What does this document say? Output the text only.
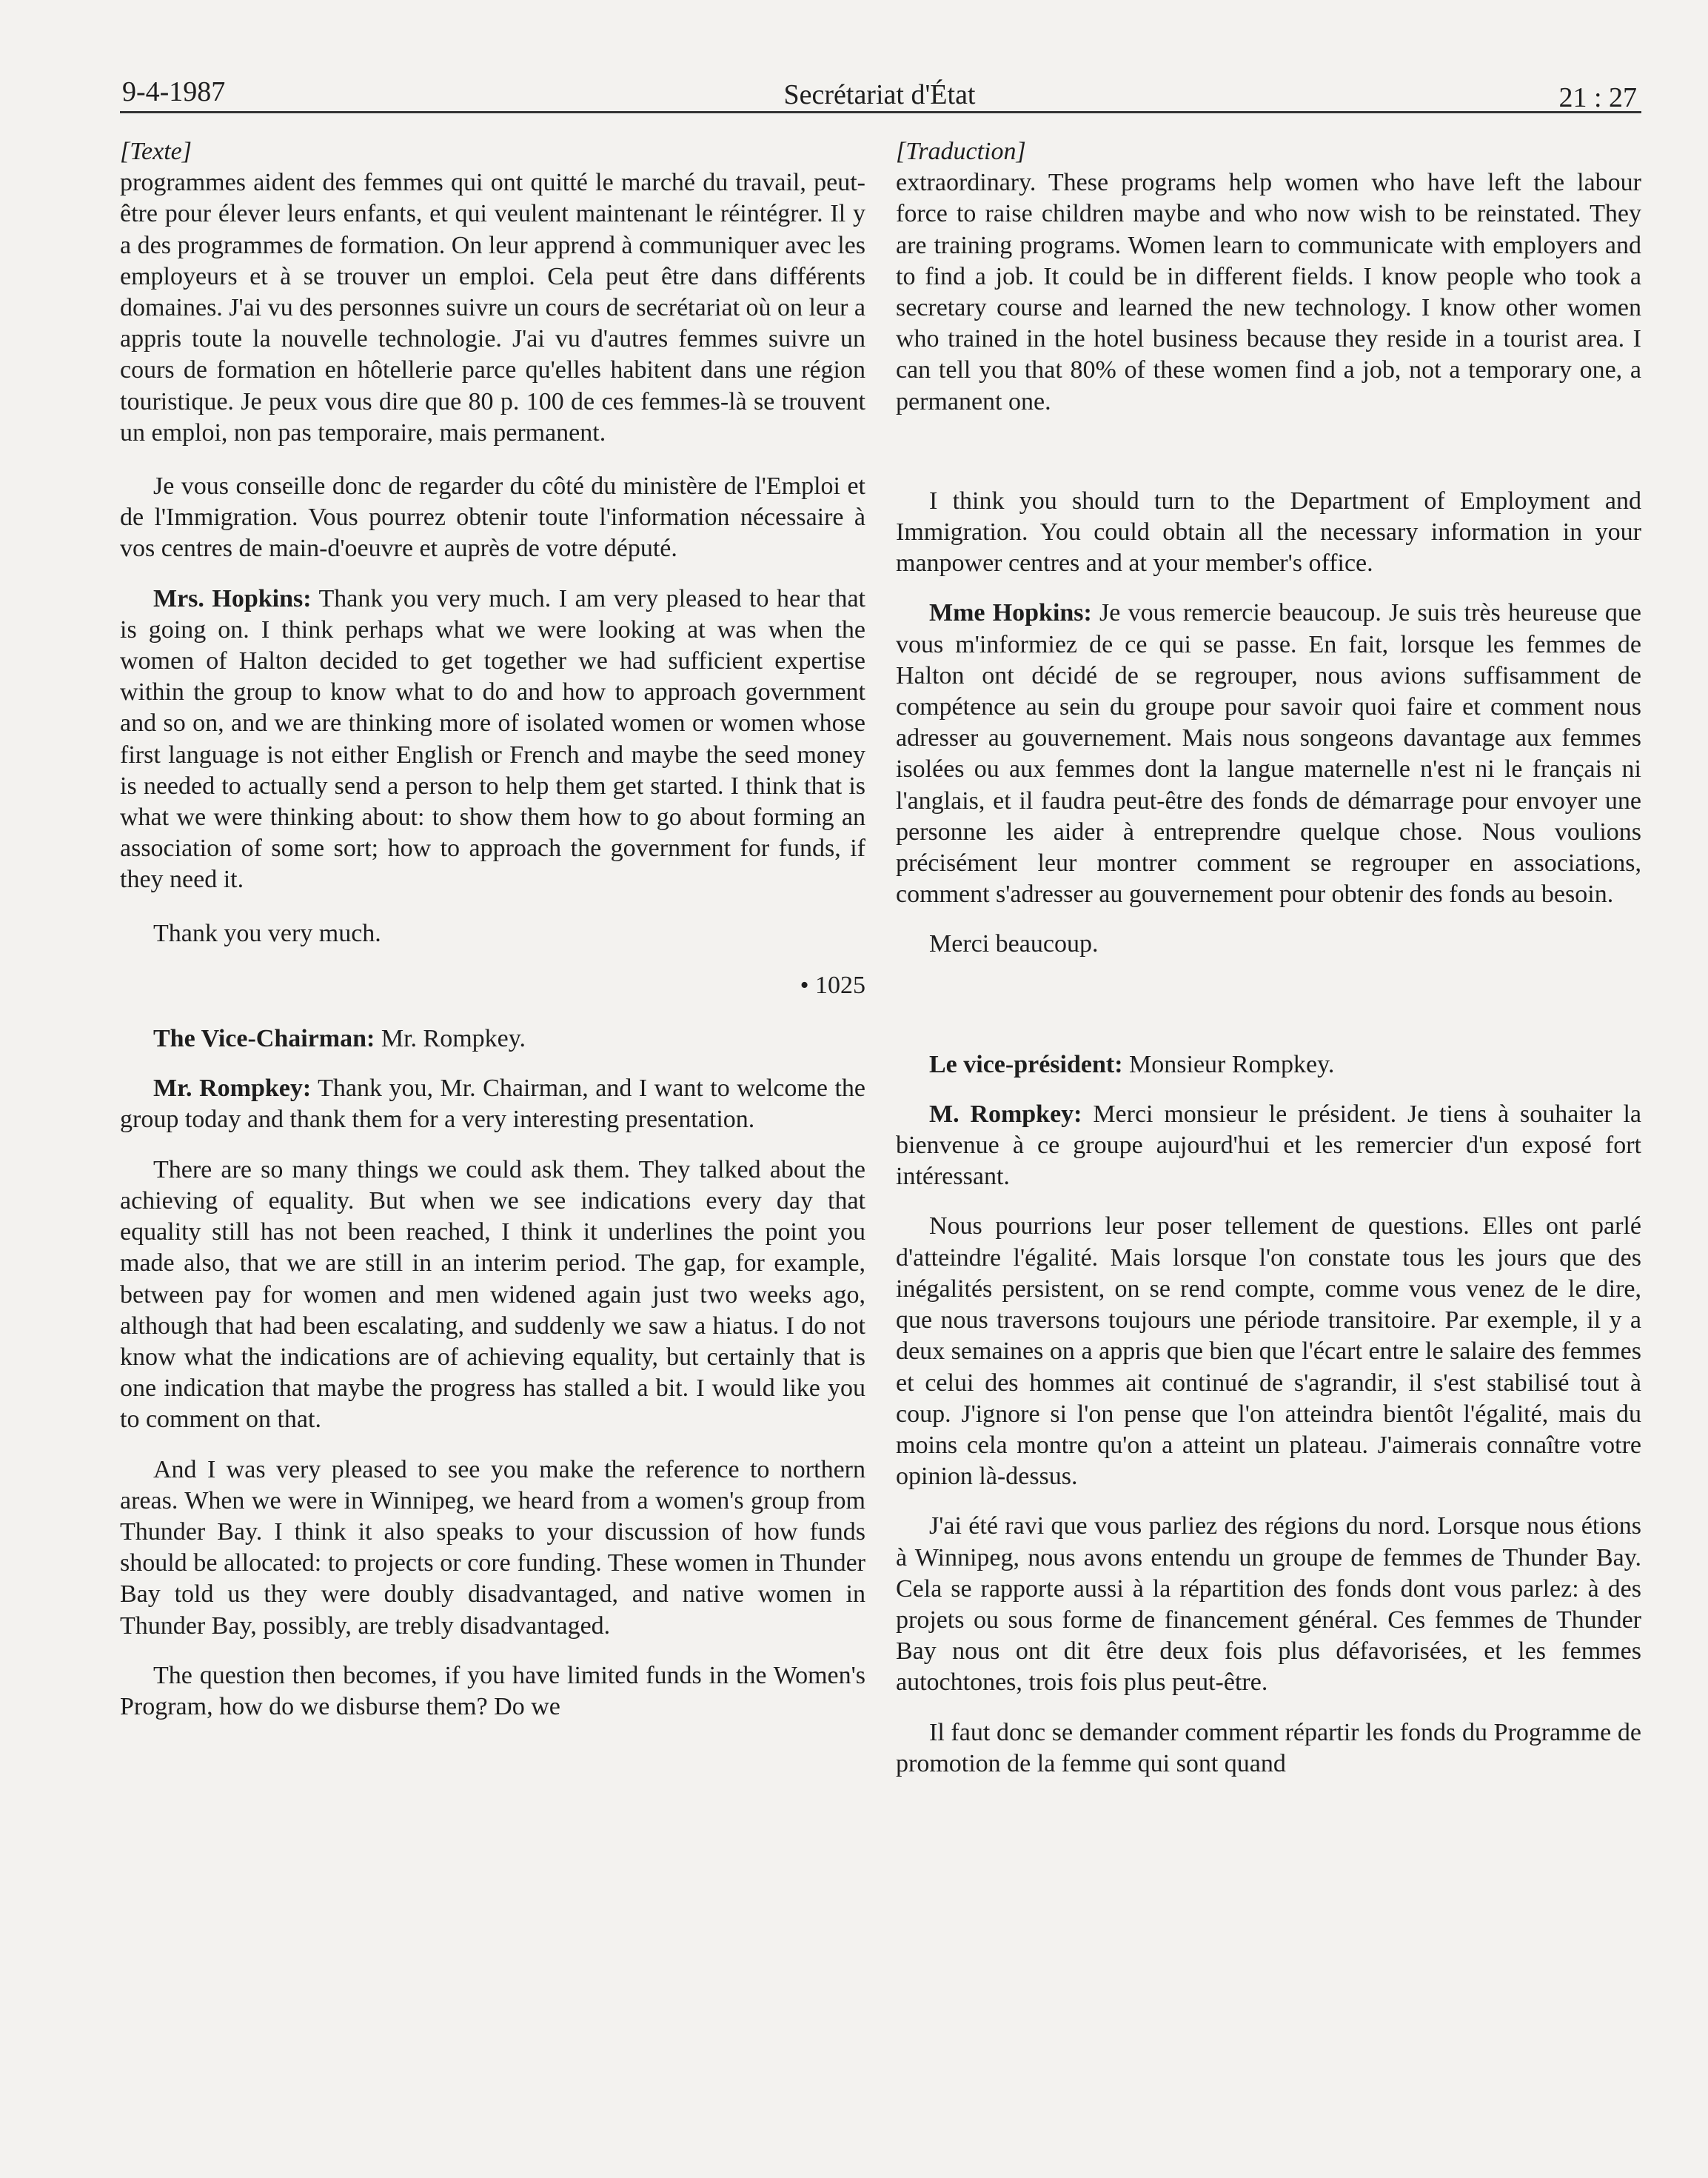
9-4-1987	Secrétariat d'État	21 : 27

[Texte]

programmes aident des femmes qui ont quitté le marché du travail, peut-être pour élever leurs enfants, et qui veulent maintenant le réintégrer. Il y a des programmes de formation. On leur apprend à communiquer avec les employeurs et à se trouver un emploi. Cela peut être dans différents domaines. J'ai vu des personnes suivre un cours de secrétariat où on leur a appris toute la nouvelle technologie. J'ai vu d'autres femmes suivre un cours de formation en hôtellerie parce qu'elles habitent dans une région touristique. Je peux vous dire que 80 p. 100 de ces femmes-là se trouvent un emploi, non pas temporaire, mais permanent.

Je vous conseille donc de regarder du côté du ministère de l'Emploi et de l'Immigration. Vous pourrez obtenir toute l'information nécessaire à vos centres de main-d'oeuvre et auprès de votre député.

Mrs. Hopkins: Thank you very much. I am very pleased to hear that is going on. I think perhaps what we were looking at was when the women of Halton decided to get together we had sufficient expertise within the group to know what to do and how to approach government and so on, and we are thinking more of isolated women or women whose first language is not either English or French and maybe the seed money is needed to actually send a person to help them get started. I think that is what we were thinking about: to show them how to go about forming an association of some sort; how to approach the government for funds, if they need it.

Thank you very much.

• 1025

The Vice-Chairman: Mr. Rompkey.

Mr. Rompkey: Thank you, Mr. Chairman, and I want to welcome the group today and thank them for a very interesting presentation.

There are so many things we could ask them. They talked about the achieving of equality. But when we see indications every day that equality still has not been reached, I think it underlines the point you made also, that we are still in an interim period. The gap, for example, between pay for women and men widened again just two weeks ago, although that had been escalating, and suddenly we saw a hiatus. I do not know what the indications are of achieving equality, but certainly that is one indication that maybe the progress has stalled a bit. I would like you to comment on that.

And I was very pleased to see you make the reference to northern areas. When we were in Winnipeg, we heard from a women's group from Thunder Bay. I think it also speaks to your discussion of how funds should be allocated: to projects or core funding. These women in Thunder Bay told us they were doubly disadvantaged, and native women in Thunder Bay, possibly, are trebly disadvantaged.

The question then becomes, if you have limited funds in the Women's Program, how do we disburse them? Do we

[Traduction]

extraordinary. These programs help women who have left the labour force to raise children maybe and who now wish to be reinstated. They are training programs. Women learn to communicate with employers and to find a job. It could be in different fields. I know people who took a secretary course and learned the new technology. I know other women who trained in the hotel business because they reside in a tourist area. I can tell you that 80% of these women find a job, not a temporary one, a permanent one.

I think you should turn to the Department of Employment and Immigration. You could obtain all the necessary information in your manpower centres and at your member's office.

Mme Hopkins: Je vous remercie beaucoup. Je suis très heureuse que vous m'informiez de ce qui se passe. En fait, lorsque les femmes de Halton ont décidé de se regrouper, nous avions suffisamment de compétence au sein du groupe pour savoir quoi faire et comment nous adresser au gouvernement. Mais nous songeons davantage aux femmes isolées ou aux femmes dont la langue maternelle n'est ni le français ni l'anglais, et il faudra peut-être des fonds de démarrage pour envoyer une personne les aider à entreprendre quelque chose. Nous voulions précisément leur montrer comment se regrouper en associations, comment s'adresser au gouvernement pour obtenir des fonds au besoin.

Merci beaucoup.

Le vice-président: Monsieur Rompkey.

M. Rompkey: Merci monsieur le président. Je tiens à souhaiter la bienvenue à ce groupe aujourd'hui et les remercier d'un exposé fort intéressant.

Nous pourrions leur poser tellement de questions. Elles ont parlé d'atteindre l'égalité. Mais lorsque l'on constate tous les jours que des inégalités persistent, on se rend compte, comme vous venez de le dire, que nous traversons toujours une période transitoire. Par exemple, il y a deux semaines on a appris que bien que l'écart entre le salaire des femmes et celui des hommes ait continué de s'agrandir, il s'est stabilisé tout à coup. J'ignore si l'on pense que l'on atteindra bientôt l'égalité, mais du moins cela montre qu'on a atteint un plateau. J'aimerais connaître votre opinion là-dessus.

J'ai été ravi que vous parliez des régions du nord. Lorsque nous étions à Winnipeg, nous avons entendu un groupe de femmes de Thunder Bay. Cela se rapporte aussi à la répartition des fonds dont vous parlez: à des projets ou sous forme de financement général. Ces femmes de Thunder Bay nous ont dit être deux fois plus défavorisées, et les femmes autochtones, trois fois plus peut-être.

Il faut donc se demander comment répartir les fonds du Programme de promotion de la femme qui sont quand
